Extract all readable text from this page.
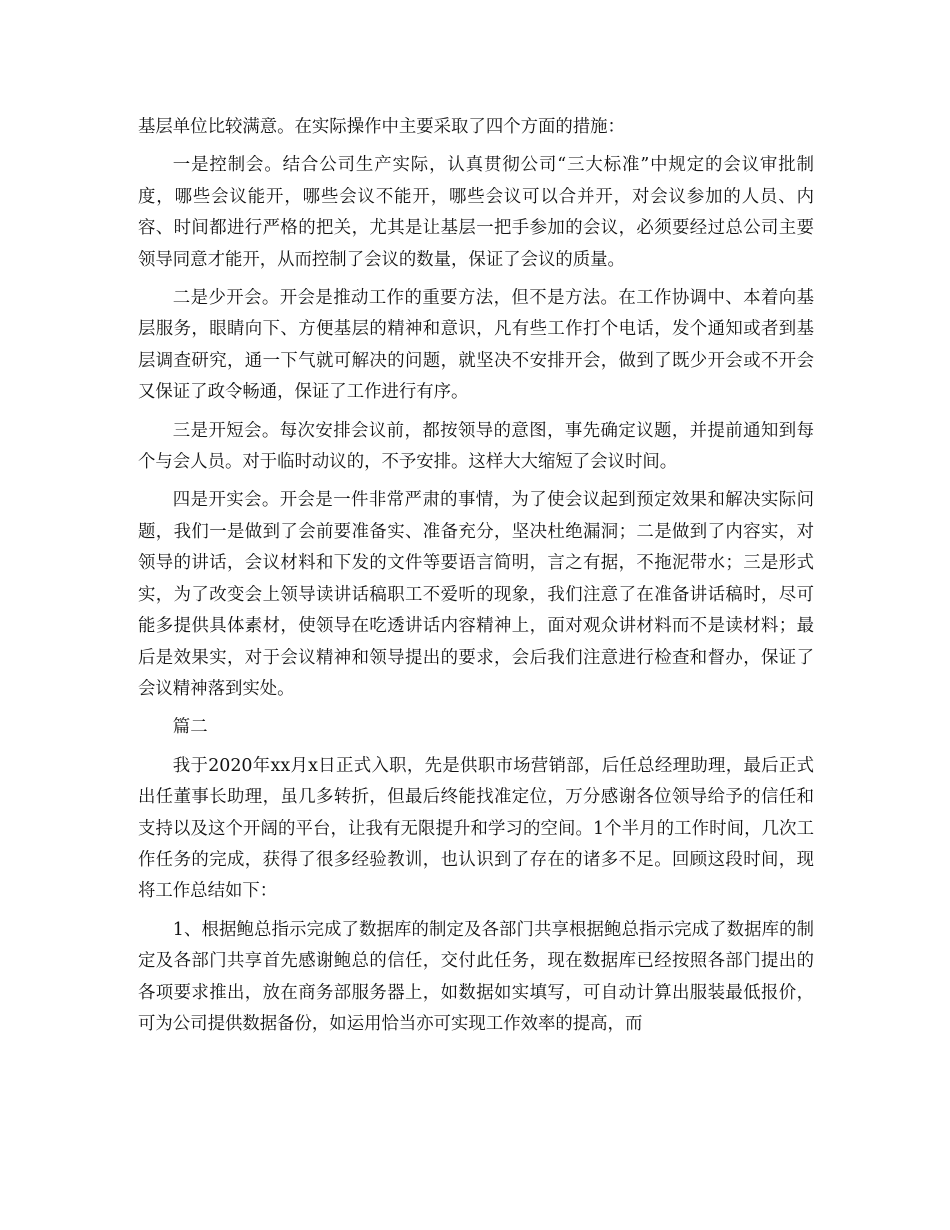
基层单位比较满意。在实际操作中主要采取了四个方面的措施：

一是控制会。结合公司生产实际，认真贯彻公司“三大标准”中规定的会议审批制度，哪些会议能开，哪些会议不能开，哪些会议可以合并开，对会议参加的人员、内容、时间都进行严格的把关，尤其是让基层一把手参加的会议，必须要经过总公司主要领导同意才能开，从而控制了会议的数量，保证了会议的质量。

二是少开会。开会是推动工作的重要方法，但不是方法。在工作协调中、本着向基层服务，眼睛向下、方便基层的精神和意识，凡有些工作打个电话，发个通知或者到基层调查研究，通一下气就可解决的问题，就坚决不安排开会，做到了既少开会或不开会又保证了政令畅通，保证了工作进行有序。

三是开短会。每次安排会议前，都按领导的意图，事先确定议题，并提前通知到每个与会人员。对于临时动议的，不予安排。这样大大缩短了会议时间。

四是开实会。开会是一件非常严肃的事情，为了使会议起到预定效果和解决实际问题，我们一是做到了会前要准备实、准备充分，坚决杜绝漏洞；二是做到了内容实，对领导的讲话，会议材料和下发的文件等要语言简明，言之有据，不拖泥带水；三是形式实，为了改变会上领导读讲话稿职工不爱听的现象，我们注意了在准备讲话稿时，尽可能多提供具体素材，使领导在吃透讲话内容精神上，面对观众讲材料而不是读材料；最后是效果实，对于会议精神和领导提出的要求，会后我们注意进行检查和督办，保证了会议精神落到实处。

篇二

我于2020年xx月x日正式入职，先是供职市场营销部，后任总经理助理，最后正式出任董事长助理，虽几多转折，但最后终能找准定位，万分感谢各位领导给予的信任和支持以及这个开阔的平台，让我有无限提升和学习的空间。1个半月的工作时间，几次工作任务的完成，获得了很多经验教训，也认识到了存在的诸多不足。回顾这段时间，现将工作总结如下：

1、根据鲍总指示完成了数据库的制定及各部门共享根据鲍总指示完成了数据库的制定及各部门共享首先感谢鲍总的信任，交付此任务，现在数据库已经按照各部门提出的各项要求推出，放在商务部服务器上，如数据如实填写，可自动计算出服装最低报价，可为公司提供数据备份，如运用恰当亦可实现工作效率的提高，而
